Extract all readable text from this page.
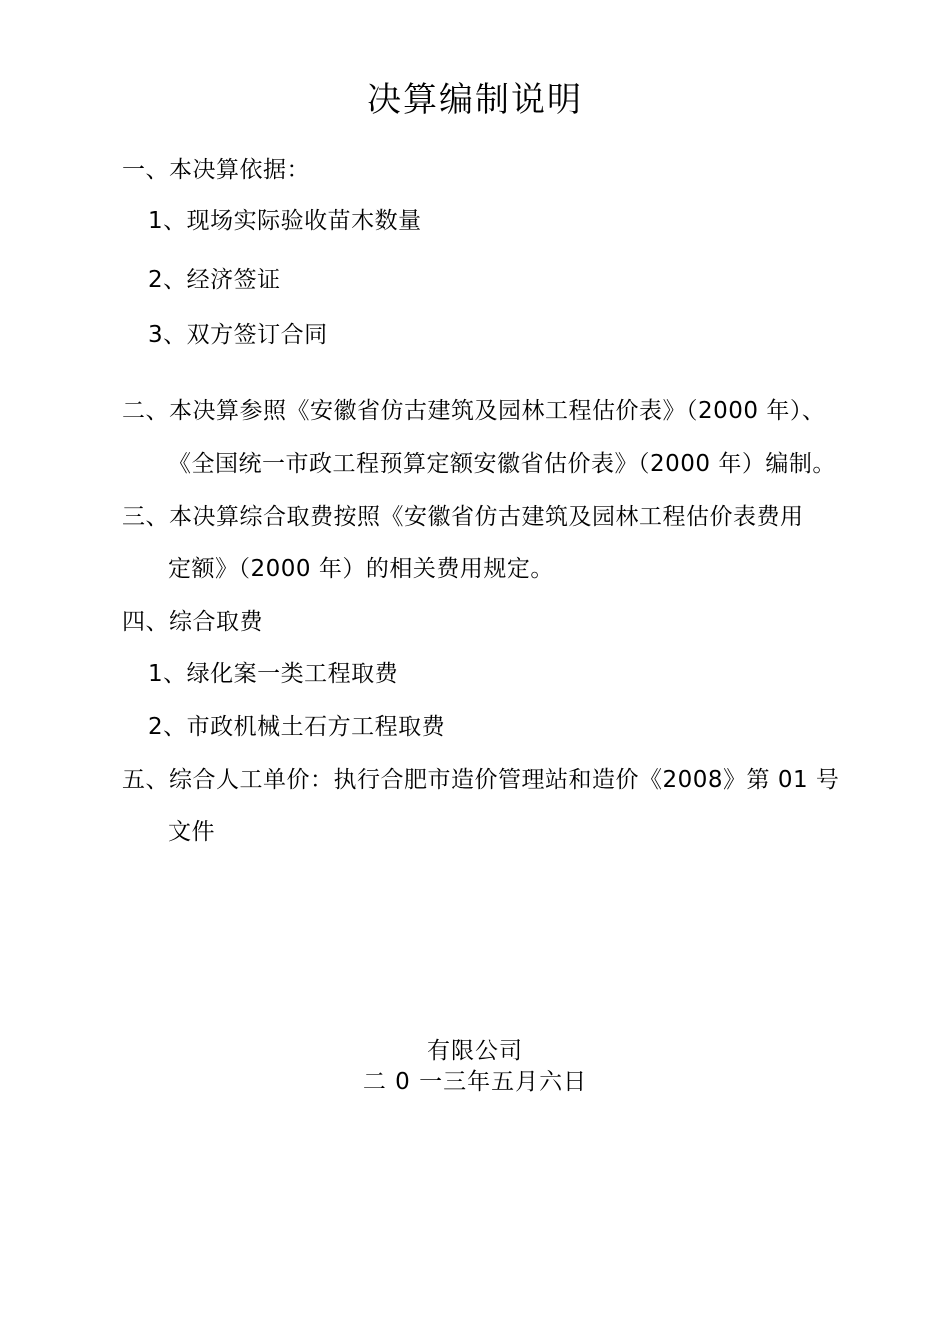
决算编制说明
一、本决算依据：
1、现场实际验收苗木数量
2、经济签证
3、双方签订合同
二、本决算参照《安徽省仿古建筑及园林工程估价表》（2000 年）、
《全国统一市政工程预算定额安徽省估价表》（2000 年）编制。
三、本决算综合取费按照《安徽省仿古建筑及园林工程估价表费用
定额》（2000 年）的相关费用规定。
四、综合取费
1、绿化案一类工程取费
2、市政机械土石方工程取费
五、综合人工单价：执行合肥市造价管理站和造价《2008》第 01 号
文件
有限公司
二 0 一三年五月六日
